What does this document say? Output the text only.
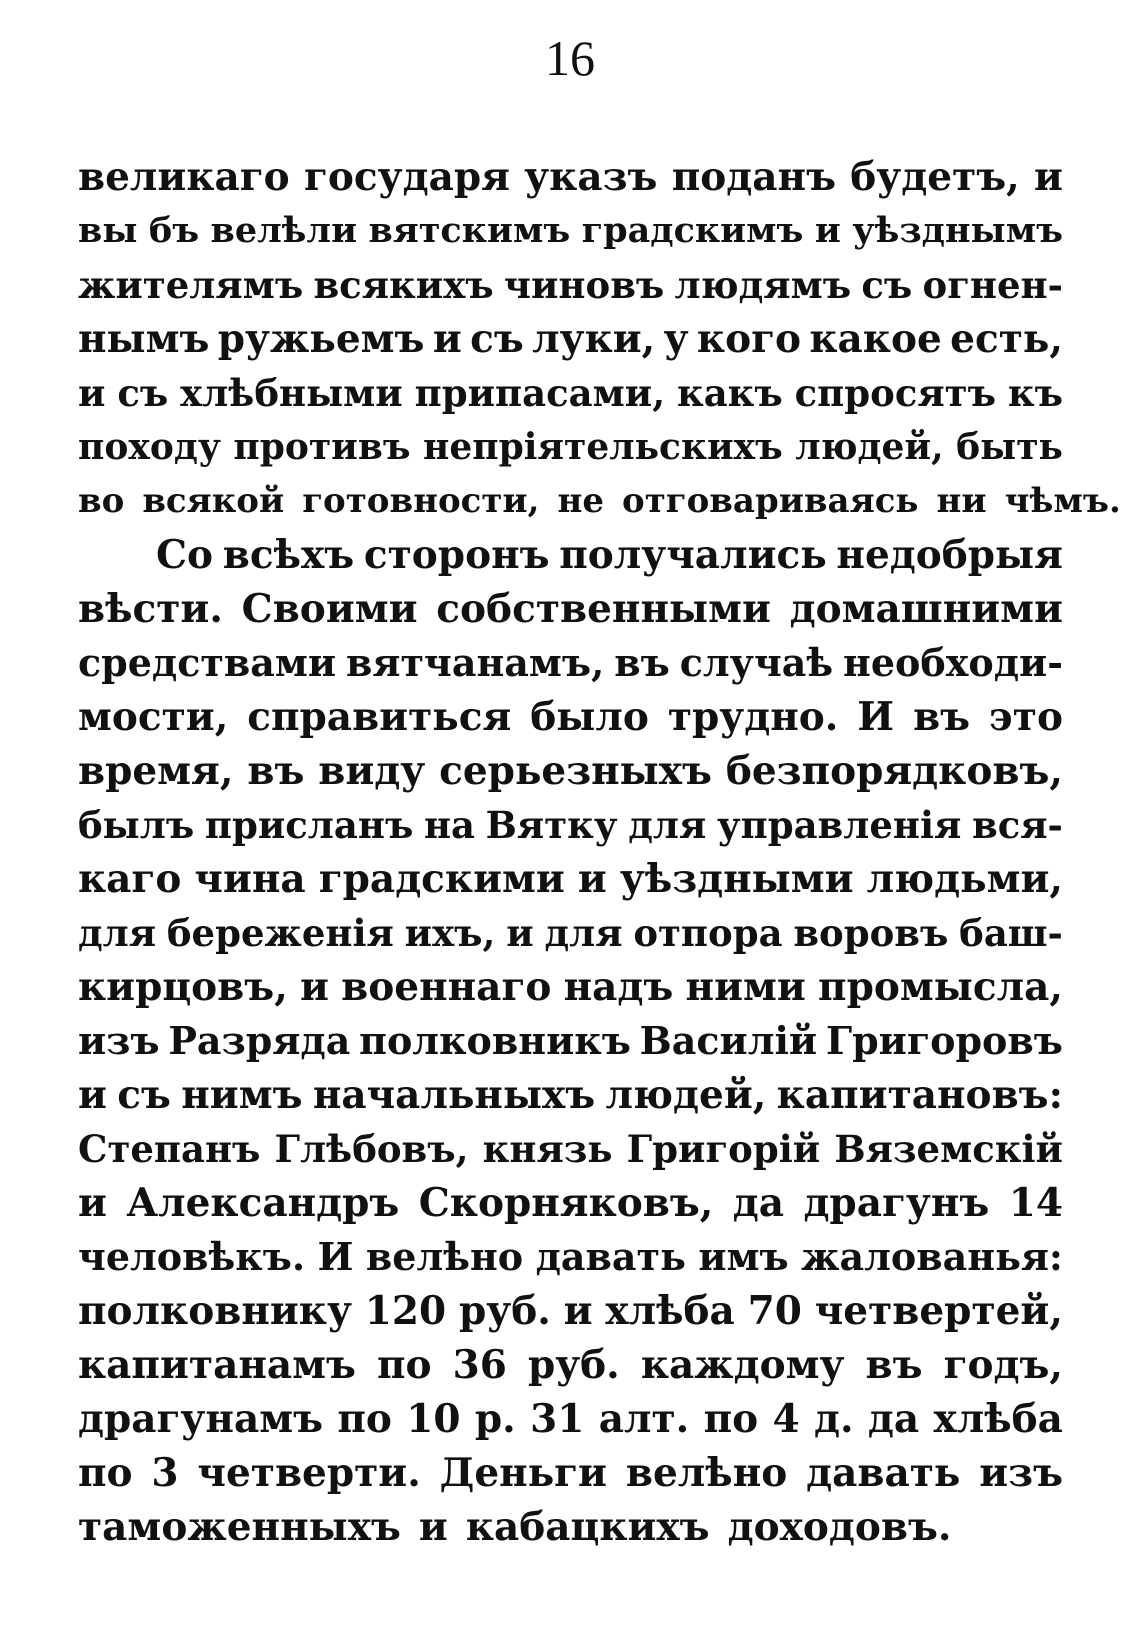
16
великаго государя указъ поданъ будетъ, и
вы бъ велѣли вятскимъ градскимъ и уѣзднымъ
жителямъ всякихъ чиновъ людямъ съ огнен-
нымъ ружьемъ и съ луки, у кого какое есть,
и съ хлѣбными припасами, какъ спросятъ къ
походу противъ непріятельскихъ людей, быть
во всякой готовности, не отговариваясь ни чѣмъ.
Со всѣхъ сторонъ получались недобрыя
вѣсти. Своими собственными домашними
средствами вятчанамъ, въ случаѣ необходи-
мости, справиться было трудно. И въ это
время, въ виду серьезныхъ безпорядковъ,
былъ присланъ на Вятку для управленія вся-
каго чина градскими и уѣздными людьми,
для береженія ихъ, и для отпора воровъ баш-
кирцовъ, и военнаго надъ ними промысла,
изъ Разряда полковникъ Василій Григоровъ
и съ нимъ начальныхъ людей, капитановъ:
Степанъ Глѣбовъ, князь Григорій Вяземскій
и Александръ Скорняковъ, да драгунъ 14
человѣкъ. И велѣно давать имъ жалованья:
полковнику 120 руб. и хлѣба 70 четвертей,
капитанамъ по 36 руб. каждому въ годъ,
драгунамъ по 10 р. 31 алт. по 4 д. да хлѣба
по 3 четверти. Деньги велѣно давать изъ
таможенныхъ и кабацкихъ доходовъ.
